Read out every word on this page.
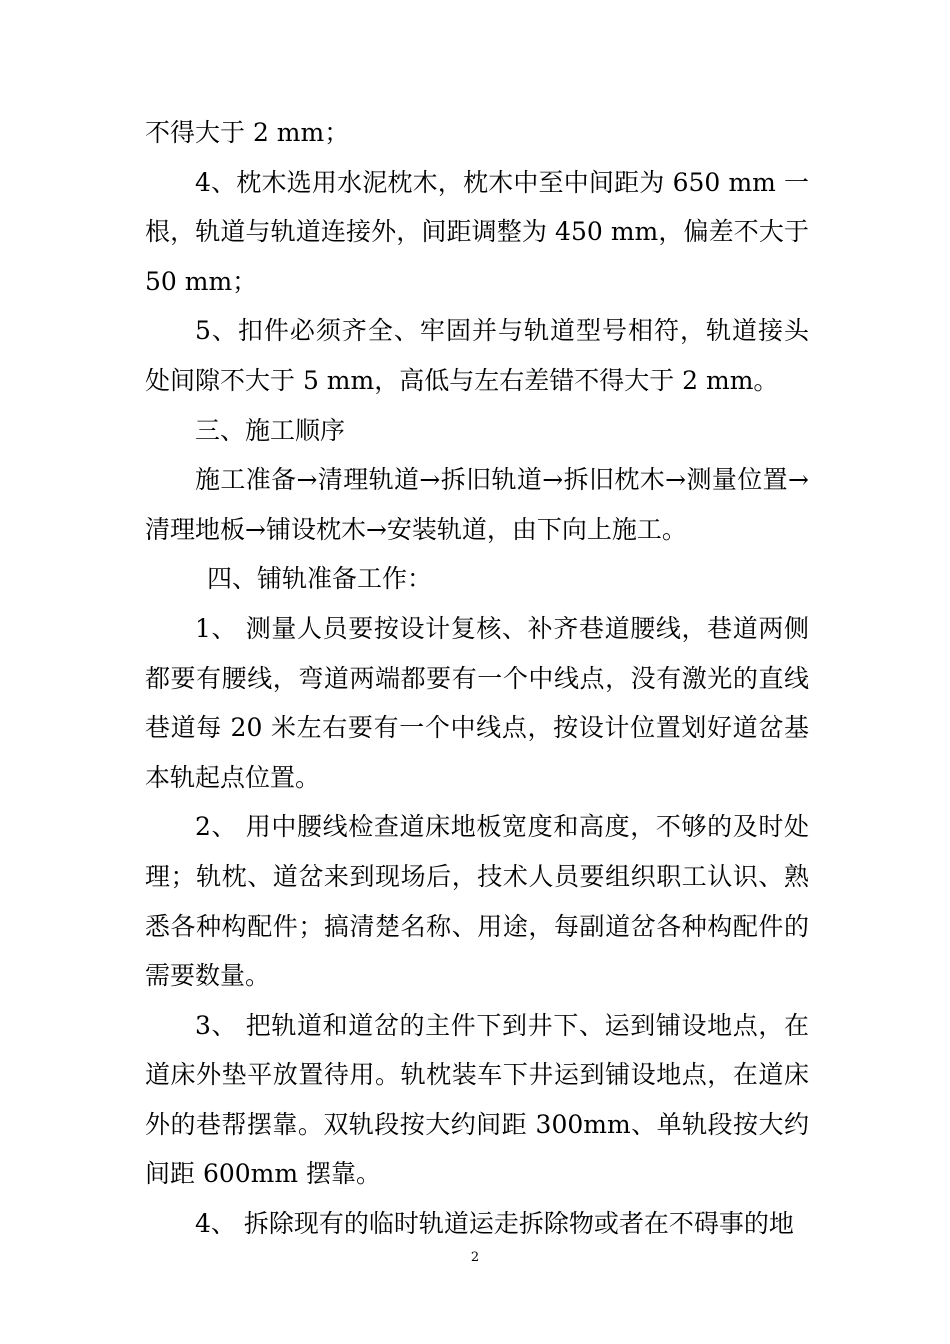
不得大于 2 mm；

4、枕木选用水泥枕木，枕木中至中间距为 650 mm 一根，轨道与轨道连接外，间距调整为 450 mm，偏差不大于 50 mm；

5、扣件必须齐全、牢固并与轨道型号相符，轨道接头处间隙不大于 5 mm，高低与左右差错不得大于 2 mm。

三、施工顺序

施工准备→清理轨道→拆旧轨道→拆旧枕木→测量位置→清理地板→铺设枕木→安装轨道，由下向上施工。

四、铺轨准备工作：

1、 测量人员要按设计复核、补齐巷道腰线，巷道两侧都要有腰线，弯道两端都要有一个中线点，没有激光的直线巷道每 20 米左右要有一个中线点，按设计位置划好道岔基本轨起点位置。

2、 用中腰线检查道床地板宽度和高度，不够的及时处理；轨枕、道岔来到现场后，技术人员要组织职工认识、熟悉各种构配件；搞清楚名称、用途，每副道岔各种构配件的需要数量。

3、 把轨道和道岔的主件下到井下、运到铺设地点，在道床外垫平放置待用。轨枕装车下井运到铺设地点，在道床外的巷帮摆靠。双轨段按大约间距 300mm、单轨段按大约间距 600mm 摆靠。

4、 拆除现有的临时轨道运走拆除物或者在不碍事的地

2
